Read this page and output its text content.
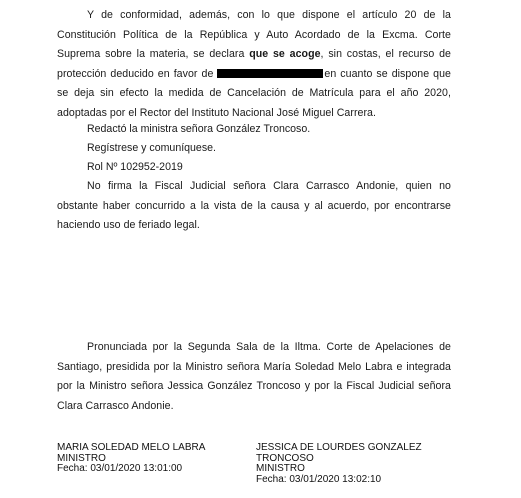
Y de conformidad, además, con lo que dispone el artículo 20 de la Constitución Política de la República y Auto Acordado de la Excma. Corte Suprema sobre la materia, se declara que se acoge, sin costas, el recurso de protección deducido en favor de	en cuanto se dispone que se deja sin efecto la medida de Cancelación de Matrícula para el año 2020, adoptadas por el Rector del Instituto Nacional José Miguel Carrera.
Redactó la ministra señora González Troncoso.
Regístrese y comuníquese.
Rol Nº 102952-2019
No firma la Fiscal Judicial señora Clara Carrasco Andonie, quien no obstante haber concurrido a la vista de la causa y al acuerdo, por encontrarse haciendo uso de feriado legal.
Pronunciada por la Segunda Sala de la Iltma. Corte de Apelaciones de Santiago, presidida por la Ministro señora María Soledad Melo Labra e integrada por la Ministro señora Jessica González Troncoso y por la Fiscal Judicial señora Clara Carrasco Andonie.
MARIA SOLEDAD MELO LABRA
MINISTRO
Fecha: 03/01/2020 13:01:00
JESSICA DE LOURDES GONZALEZ
TRONCOSO
MINISTRO
Fecha: 03/01/2020 13:02:10
